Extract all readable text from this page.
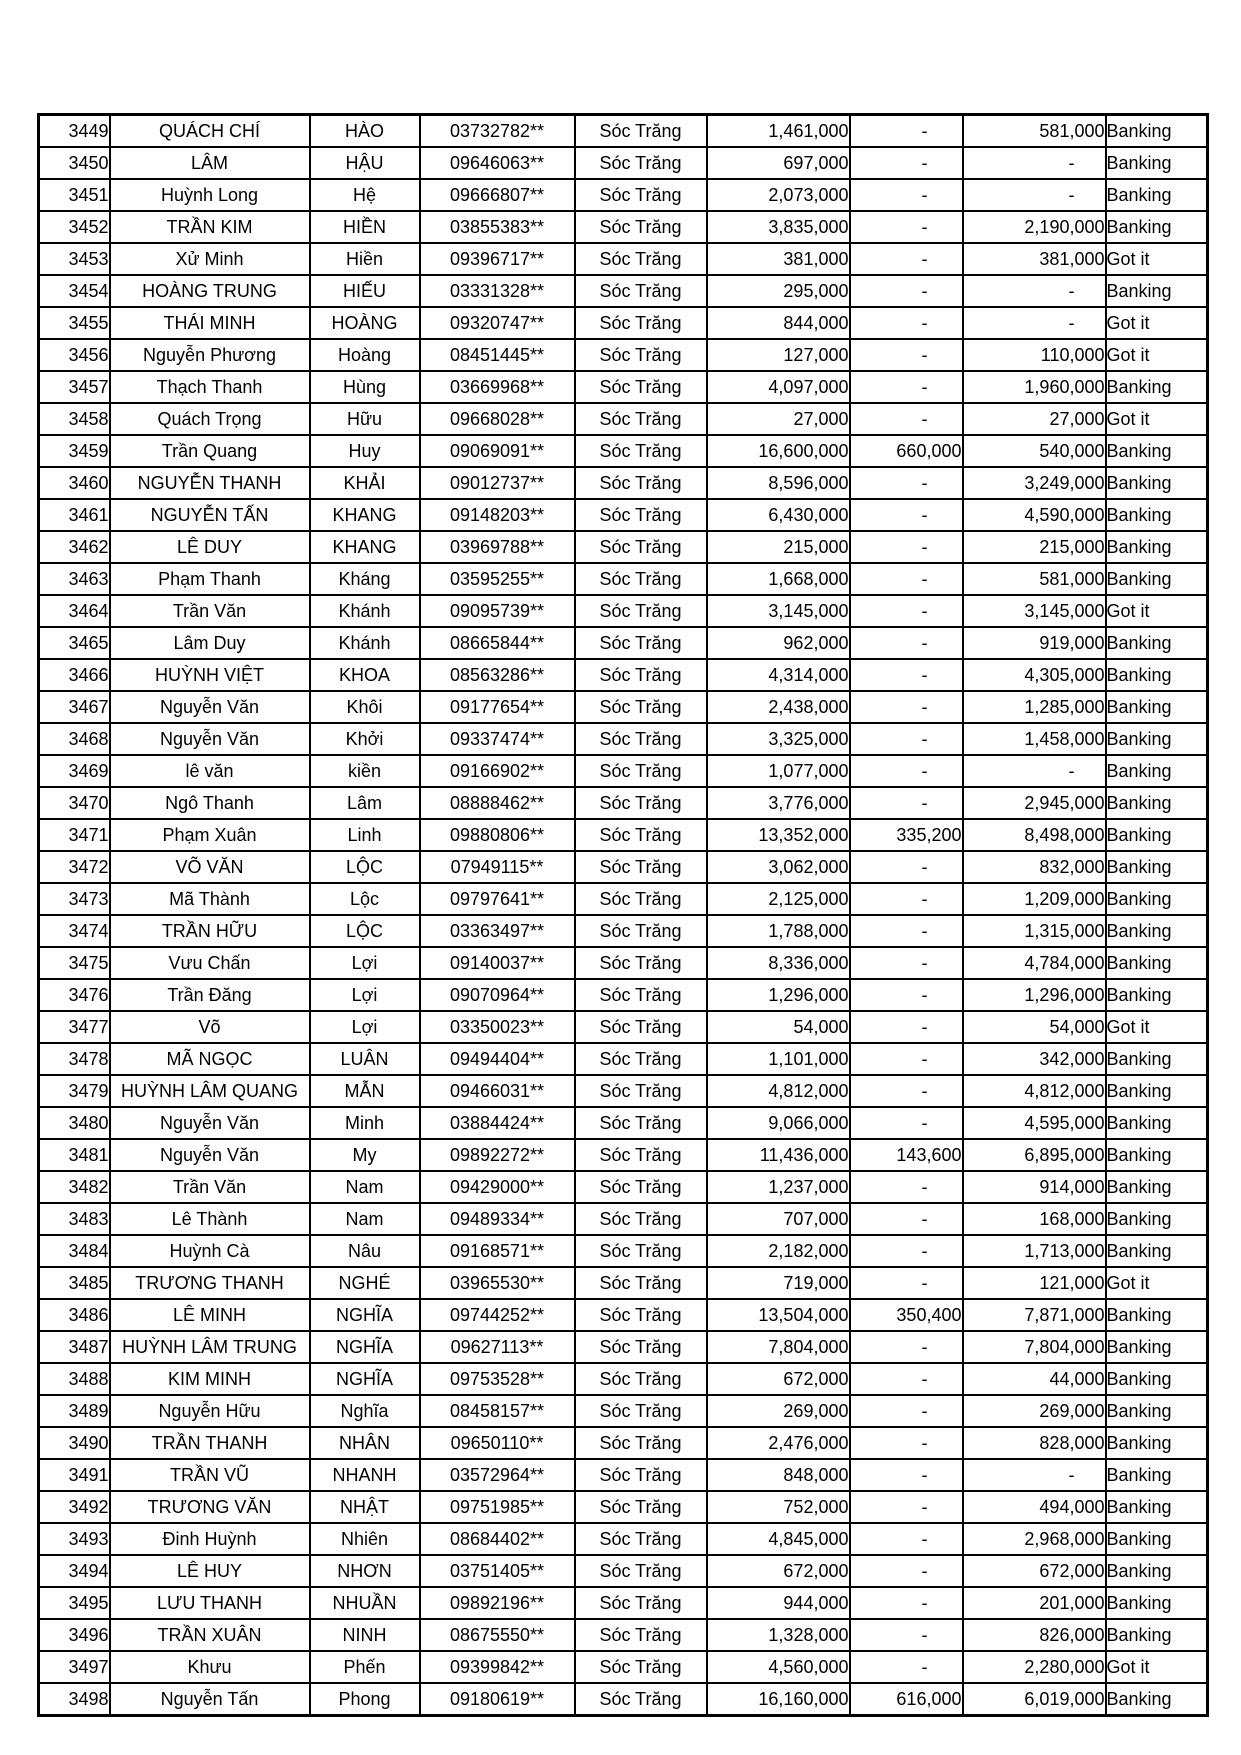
3449	QUÁCH CHÍ	HÀO	03732782**	Sóc Trăng	1,461,000	-	581,000	Banking
3450	LÂM	HẬU	09646063**	Sóc Trăng	697,000	-	-	Banking
3451	Huỳnh Long	Hệ	09666807**	Sóc Trăng	2,073,000	-	-	Banking
3452	TRẦN KIM	HIỀN	03855383**	Sóc Trăng	3,835,000	-	2,190,000	Banking
3453	Xử Minh	Hiền	09396717**	Sóc Trăng	381,000	-	381,000	Got it
3454	HOÀNG TRUNG	HIẾU	03331328**	Sóc Trăng	295,000	-	-	Banking
3455	THÁI MINH	HOÀNG	09320747**	Sóc Trăng	844,000	-	-	Got it
3456	Nguyễn Phương	Hoàng	08451445**	Sóc Trăng	127,000	-	110,000	Got it
3457	Thạch Thanh	Hùng	03669968**	Sóc Trăng	4,097,000	-	1,960,000	Banking
3458	Quách Trọng	Hữu	09668028**	Sóc Trăng	27,000	-	27,000	Got it
3459	Trần Quang	Huy	09069091**	Sóc Trăng	16,600,000	660,000	540,000	Banking
3460	NGUYỄN THANH	KHẢI	09012737**	Sóc Trăng	8,596,000	-	3,249,000	Banking
3461	NGUYỄN TẤN	KHANG	09148203**	Sóc Trăng	6,430,000	-	4,590,000	Banking
3462	LÊ DUY	KHANG	03969788**	Sóc Trăng	215,000	-	215,000	Banking
3463	Phạm Thanh	Kháng	03595255**	Sóc Trăng	1,668,000	-	581,000	Banking
3464	Trần Văn	Khánh	09095739**	Sóc Trăng	3,145,000	-	3,145,000	Got it
3465	Lâm Duy	Khánh	08665844**	Sóc Trăng	962,000	-	919,000	Banking
3466	HUỲNH VIỆT	KHOA	08563286**	Sóc Trăng	4,314,000	-	4,305,000	Banking
3467	Nguyễn Văn	Khôi	09177654**	Sóc Trăng	2,438,000	-	1,285,000	Banking
3468	Nguyễn Văn	Khởi	09337474**	Sóc Trăng	3,325,000	-	1,458,000	Banking
3469	lê văn	kiền	09166902**	Sóc Trăng	1,077,000	-	-	Banking
3470	Ngô Thanh	Lâm	08888462**	Sóc Trăng	3,776,000	-	2,945,000	Banking
3471	Phạm Xuân	Linh	09880806**	Sóc Trăng	13,352,000	335,200	8,498,000	Banking
3472	VÕ VĂN	LỘC	07949115**	Sóc Trăng	3,062,000	-	832,000	Banking
3473	Mã Thành	Lộc	09797641**	Sóc Trăng	2,125,000	-	1,209,000	Banking
3474	TRẦN HỮU	LỘC	03363497**	Sóc Trăng	1,788,000	-	1,315,000	Banking
3475	Vưu Chấn	Lợi	09140037**	Sóc Trăng	8,336,000	-	4,784,000	Banking
3476	Trần Đăng	Lợi	09070964**	Sóc Trăng	1,296,000	-	1,296,000	Banking
3477	Võ	Lợi	03350023**	Sóc Trăng	54,000	-	54,000	Got it
3478	MÃ NGỌC	LUÂN	09494404**	Sóc Trăng	1,101,000	-	342,000	Banking
3479	HUỲNH LÂM QUANG	MẪN	09466031**	Sóc Trăng	4,812,000	-	4,812,000	Banking
3480	Nguyễn Văn	Minh	03884424**	Sóc Trăng	9,066,000	-	4,595,000	Banking
3481	Nguyễn Văn	My	09892272**	Sóc Trăng	11,436,000	143,600	6,895,000	Banking
3482	Trần Văn	Nam	09429000**	Sóc Trăng	1,237,000	-	914,000	Banking
3483	Lê Thành	Nam	09489334**	Sóc Trăng	707,000	-	168,000	Banking
3484	Huỳnh Cà	Nâu	09168571**	Sóc Trăng	2,182,000	-	1,713,000	Banking
3485	TRƯƠNG THANH	NGHÉ	03965530**	Sóc Trăng	719,000	-	121,000	Got it
3486	LÊ MINH	NGHĨA	09744252**	Sóc Trăng	13,504,000	350,400	7,871,000	Banking
3487	HUỲNH LÂM TRUNG	NGHĨA	09627113**	Sóc Trăng	7,804,000	-	7,804,000	Banking
3488	KIM MINH	NGHĨA	09753528**	Sóc Trăng	672,000	-	44,000	Banking
3489	Nguyễn Hữu	Nghĩa	08458157**	Sóc Trăng	269,000	-	269,000	Banking
3490	TRẦN THANH	NHÂN	09650110**	Sóc Trăng	2,476,000	-	828,000	Banking
3491	TRẦN VŨ	NHANH	03572964**	Sóc Trăng	848,000	-	-	Banking
3492	TRƯƠNG VĂN	NHẬT	09751985**	Sóc Trăng	752,000	-	494,000	Banking
3493	Đinh Huỳnh	Nhiên	08684402**	Sóc Trăng	4,845,000	-	2,968,000	Banking
3494	LÊ HUY	NHƠN	03751405**	Sóc Trăng	672,000	-	672,000	Banking
3495	LƯU THANH	NHUẦN	09892196**	Sóc Trăng	944,000	-	201,000	Banking
3496	TRẦN XUÂN	NINH	08675550**	Sóc Trăng	1,328,000	-	826,000	Banking
3497	Khưu	Phến	09399842**	Sóc Trăng	4,560,000	-	2,280,000	Got it
3498	Nguyễn Tấn	Phong	09180619**	Sóc Trăng	16,160,000	616,000	6,019,000	Banking
